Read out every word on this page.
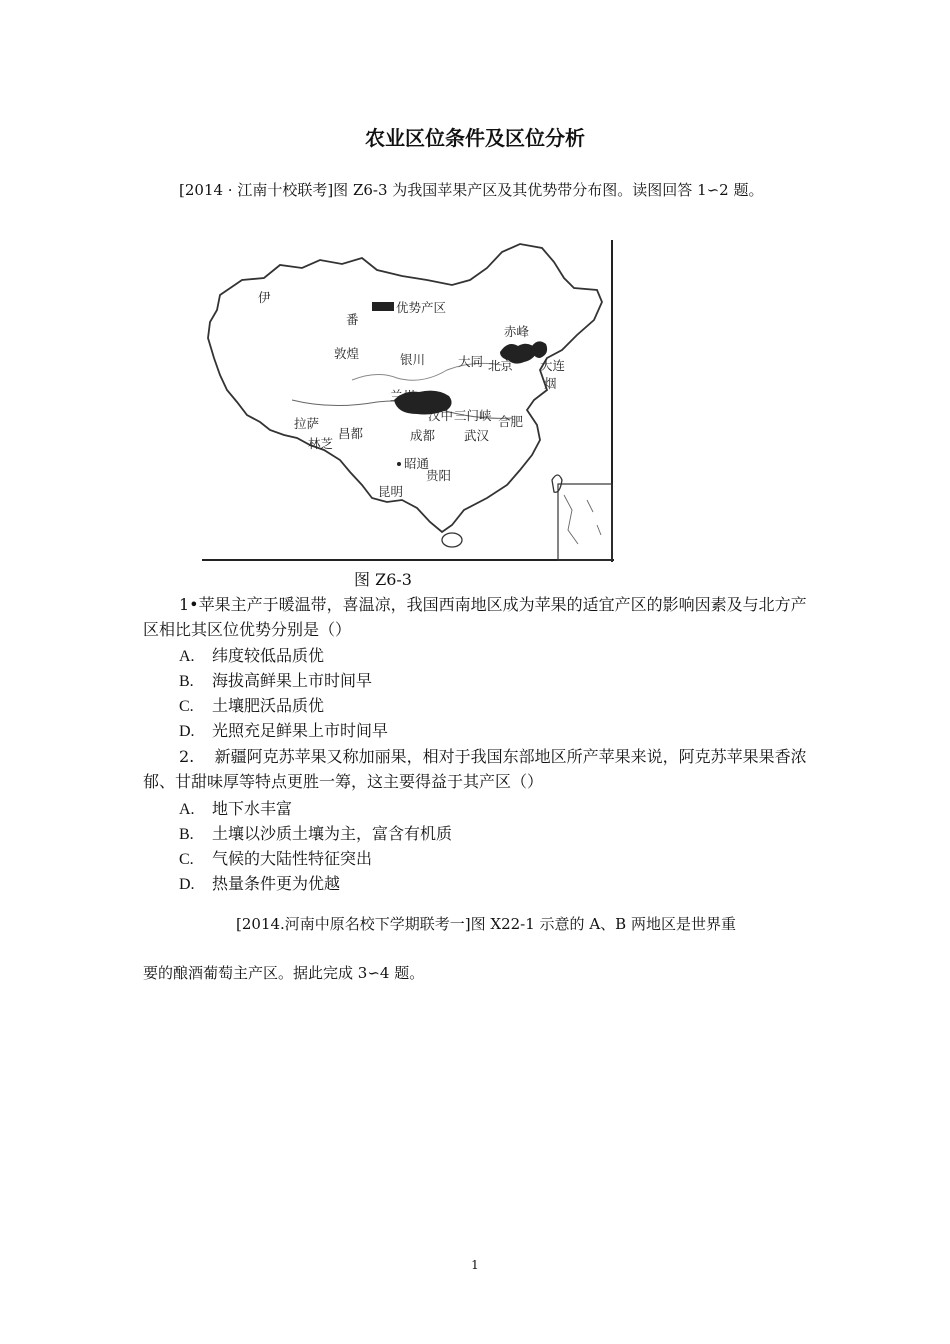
农业区位条件及区位分析

[2014 · 江南十校联考]图 Z6-3 为我国苹果产区及其优势带分布图。读图回答 1∽2 题。

优势产区
伊
番
敦煌	银川	大同 北京
赤峰
大连
烟
兰州
汉中 三门峡 合肥
拉萨
林芝
昌都	成都 武汉
昭通
贵阳
昆明
图 Z6-3

1•苹果主产于暖温带，喜温凉，我国西南地区成为苹果的适宜产区的影响因素及与北方产区相比其区位优势分别是（）

A. 纬度较低品质优

B. 海拔高鲜果上市时间早

C. 土壤肥沃品质优

D. 光照充足鲜果上市时间早

2.    新疆阿克苏苹果又称加丽果，相对于我国东部地区所产苹果来说，阿克苏苹果果香浓郁、甘甜味厚等特点更胜一筹，这主要得益于其产区（）

A. 地下水丰富

B. 土壤以沙质土壤为主，富含有机质

C. 气候的大陆性特征突出

D. 热量条件更为优越

[2014.河南中原名校下学期联考一]图 X22-1 示意的 A、B 两地区是世界重

要的酿酒葡萄主产区。据此完成 3∽4 题。

1
